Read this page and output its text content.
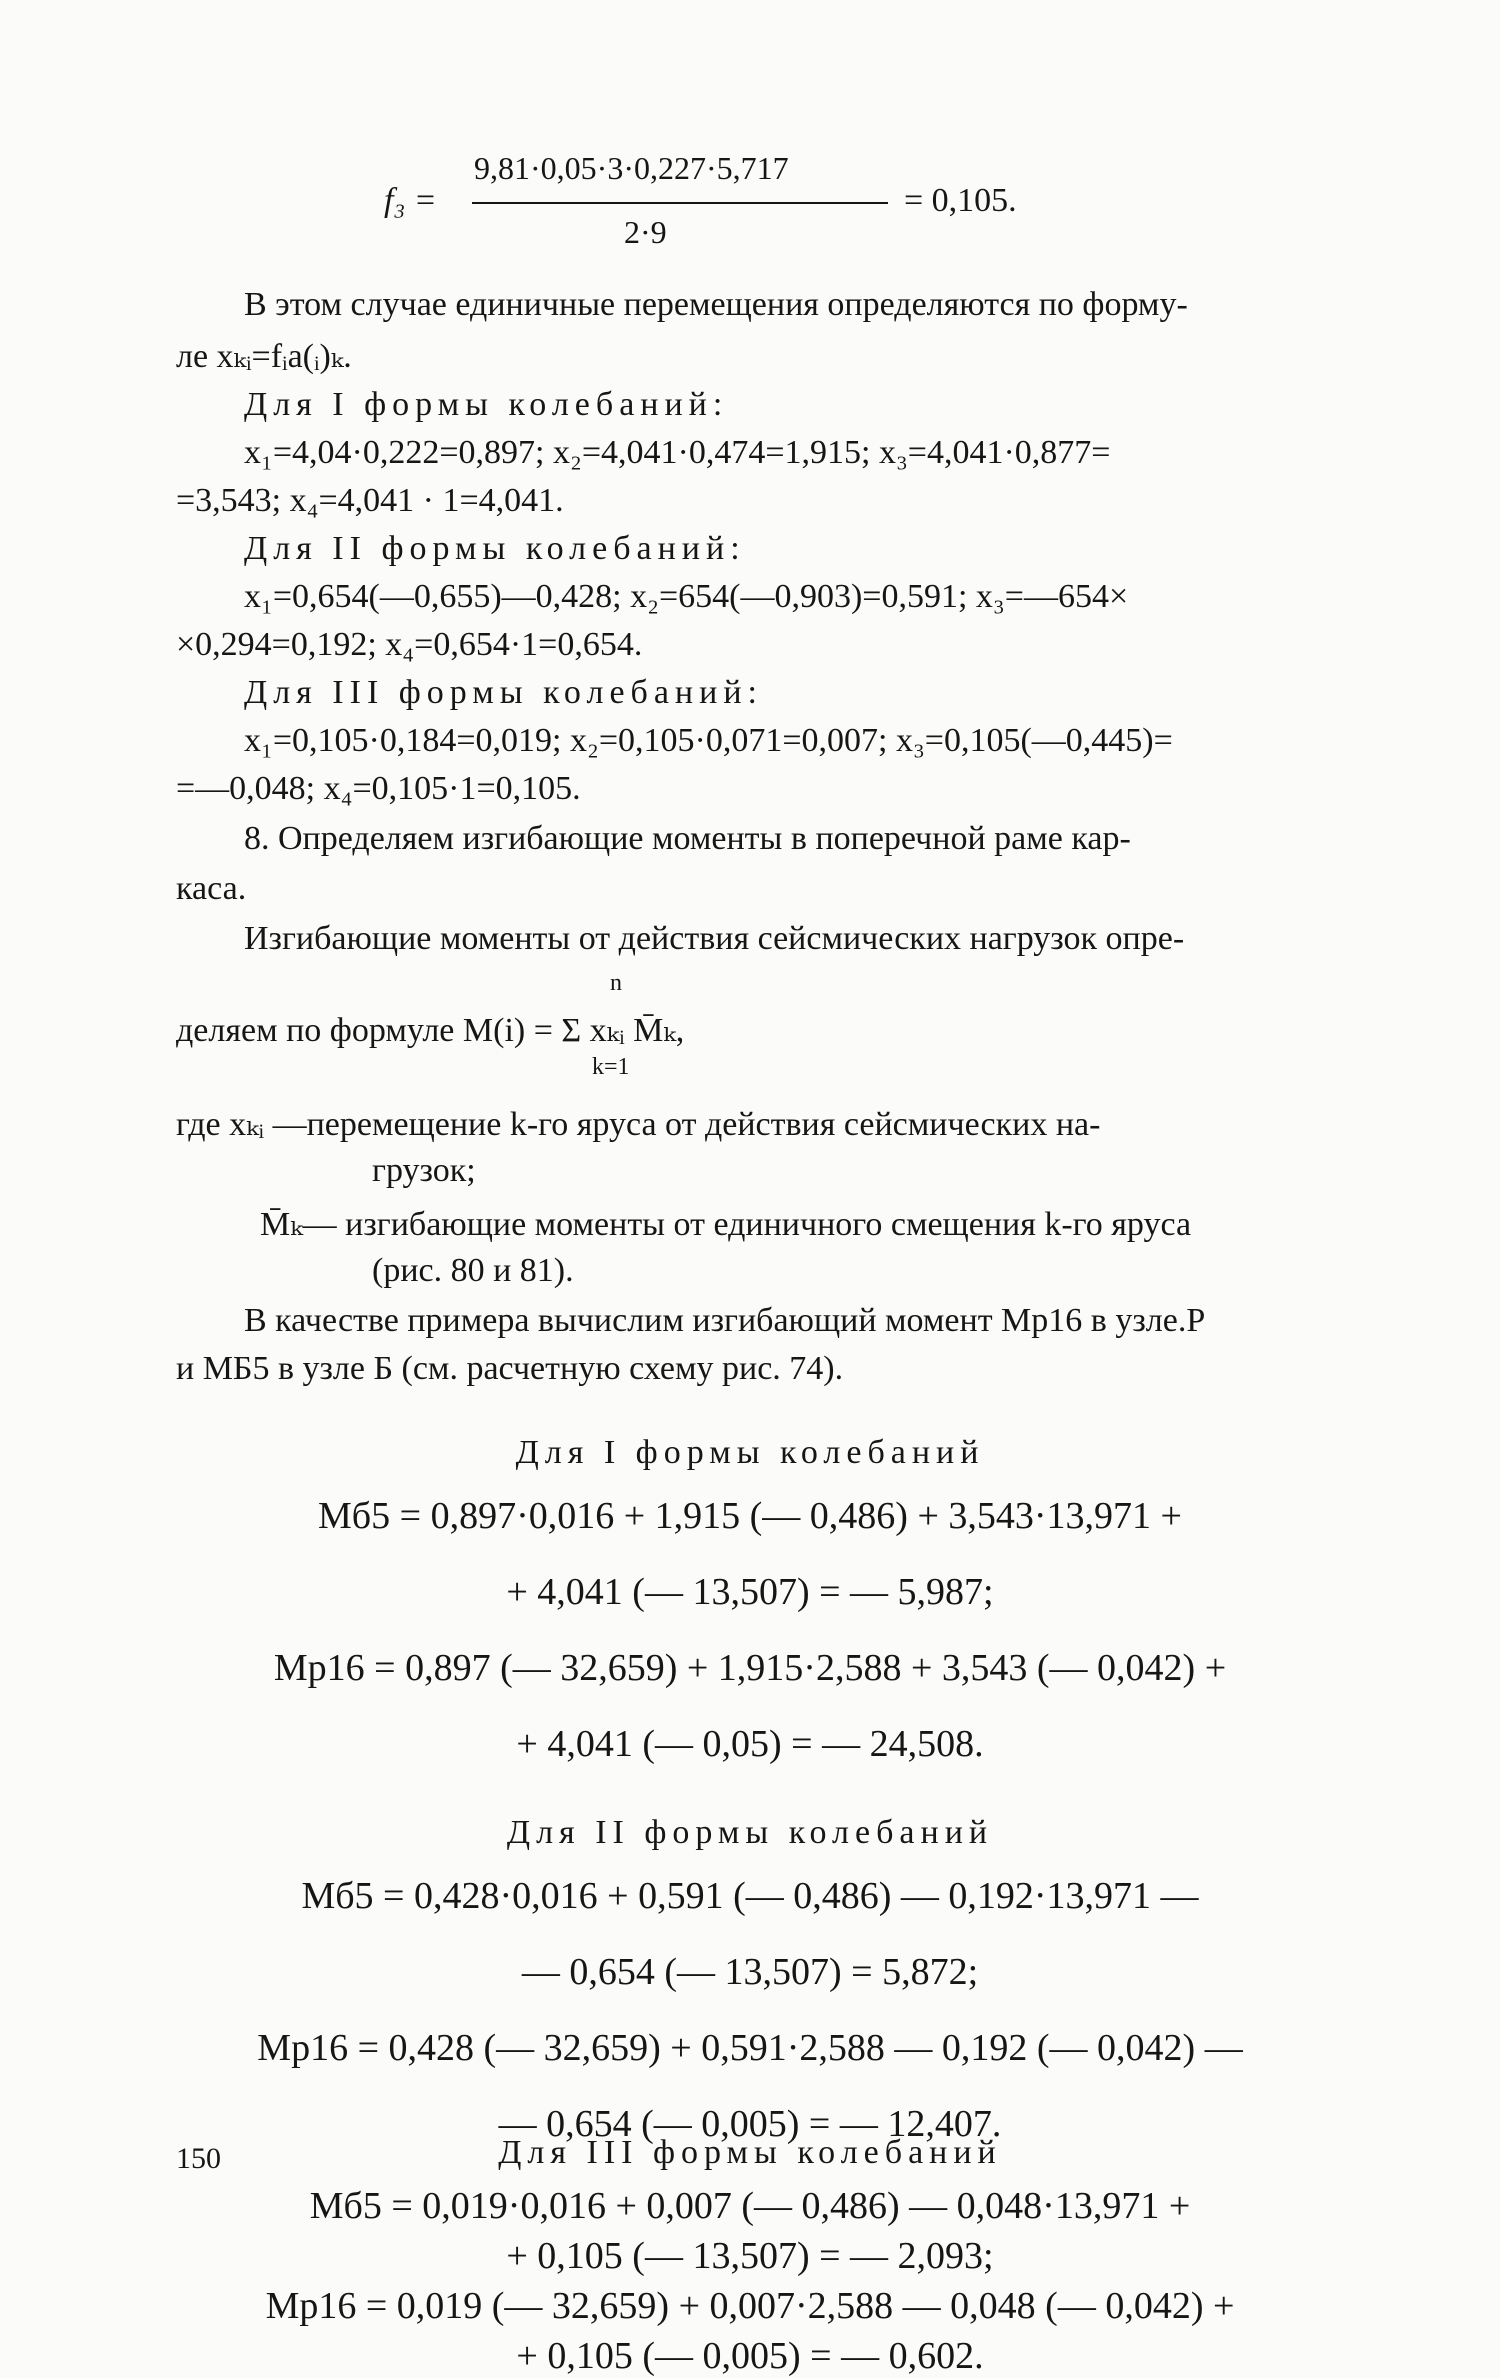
f₃ =
9,81·0,05·3·0,227·5,717
2·9
= 0,105.
В этом случае единичные перемещения определяются по форму-
ле xₖᵢ=fᵢa(ᵢ)ₖ.
Для I формы колебаний:
x₁=4,04·0,222=0,897; x₂=4,041·0,474=1,915; x₃=4,041·0,877=
=3,543; x₄=4,041 · 1=4,041.
Для II формы колебаний:
x₁=0,654(—0,655)—0,428; x₂=654(—0,903)=0,591; x₃=—654×
×0,294=0,192; x₄=0,654·1=0,654.
Для III формы колебаний:
x₁=0,105·0,184=0,019; x₂=0,105·0,071=0,007; x₃=0,105(—0,445)=
=—0,048; x₄=0,105·1=0,105.
8. Определяем изгибающие моменты в поперечной раме кар-
каса.
Изгибающие моменты от действия сейсмических нагрузок опре-
деляем по формуле M(i) = Σ xₖᵢ M̄ₖ,
n
k=1
где xₖᵢ —перемещение k-го яруса от действия сейсмических на-
грузок;
M̄ₖ— изгибающие моменты от единичного смещения k-го яруса
(рис. 80 и 81).
В качестве примера вычислим изгибающий момент Mр16 в узле.P
и MБ5 в узле Б (см. расчетную схему рис. 74).
Для I формы колебаний
Mб5 = 0,897·0,016 + 1,915 (— 0,486) + 3,543·13,971 +
+ 4,041 (— 13,507) = — 5,987;
Mр16 = 0,897 (— 32,659) + 1,915·2,588 + 3,543 (— 0,042) +
+ 4,041 (— 0,05) = — 24,508.
Для II формы колебаний
Mб5 = 0,428·0,016 + 0,591 (— 0,486) — 0,192·13,971 —
— 0,654 (— 13,507) = 5,872;
Mр16 = 0,428 (— 32,659) + 0,591·2,588 — 0,192 (— 0,042) —
— 0,654 (— 0,005) = — 12,407.
Для III формы колебаний
Mб5 = 0,019·0,016 + 0,007 (— 0,486) — 0,048·13,971 +
+ 0,105 (— 13,507) = — 2,093;
Mр16 = 0,019 (— 32,659) + 0,007·2,588 — 0,048 (— 0,042) +
+ 0,105 (— 0,005) = — 0,602.
150
